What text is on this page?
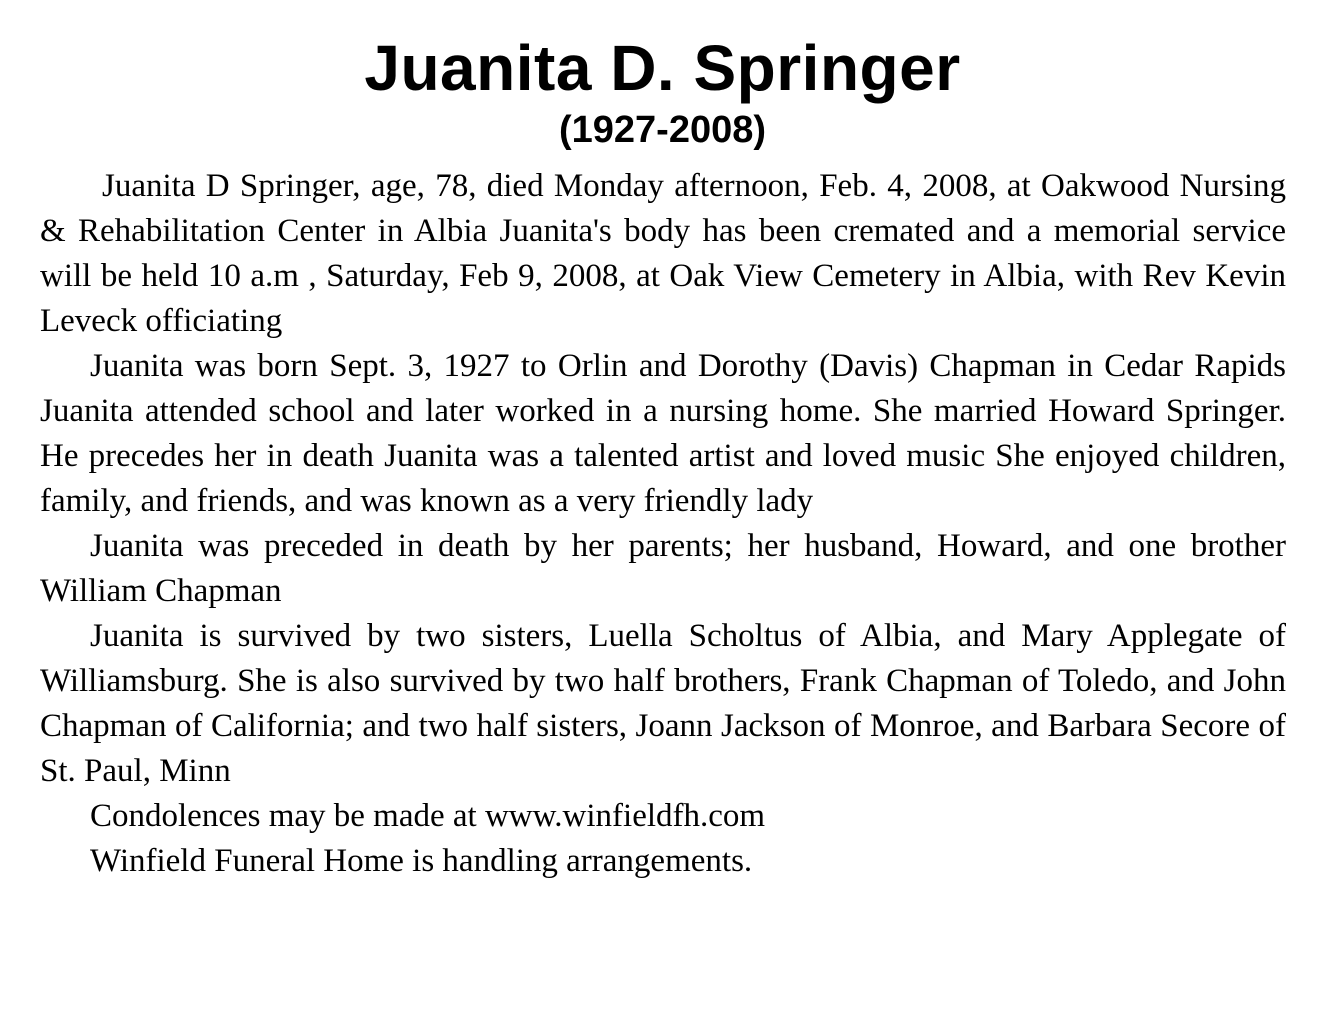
Juanita D. Springer
(1927-2008)

Juanita D Springer, age, 78, died Monday afternoon, Feb. 4, 2008, at Oakwood Nursing & Rehabilitation Center in Albia Juanita's body has been cremated and a memorial service will be held 10 a.m , Saturday, Feb 9, 2008, at Oak View Cemetery in Albia, with Rev Kevin Leveck officiating

Juanita was born Sept. 3, 1927 to Orlin and Dorothy (Davis) Chapman in Cedar Rapids Juanita attended school and later worked in a nursing home. She married Howard Springer. He precedes her in death Juanita was a talented artist and loved music She enjoyed children, family, and friends, and was known as a very friendly lady

Juanita was preceded in death by her parents; her husband, Howard, and one brother William Chapman

Juanita is survived by two sisters, Luella Scholtus of Albia, and Mary Applegate of Williamsburg. She is also survived by two half brothers, Frank Chapman of Toledo, and John Chapman of California; and two half sisters, Joann Jackson of Monroe, and Barbara Secore of St. Paul, Minn

Condolences may be made at www.winfieldfh.com

Winfield Funeral Home is handling arrangements.
